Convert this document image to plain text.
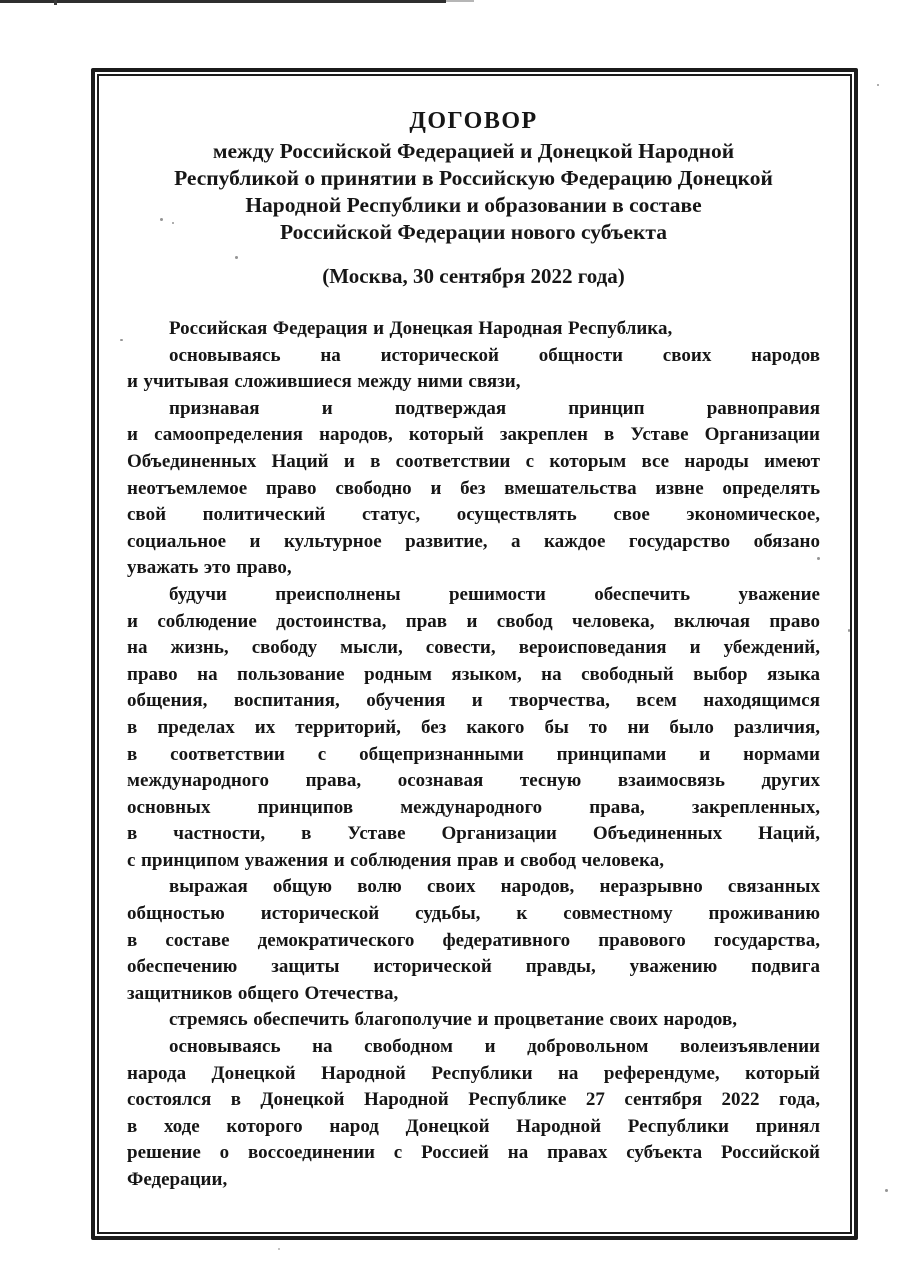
ДОГОВОР
между Российской Федерацией и Донецкой Народной
Республикой о принятии в Российскую Федерацию Донецкой
Народной Республики и образовании в составе
Российской Федерации нового субъекта
(Москва, 30 сентября 2022 года)
Российская Федерация и Донецкая Народная Республика,
основываясь на исторической общности своих народов
и учитывая сложившиеся между ними связи,
признавая и подтверждая принцип равноправия
и самоопределения народов, который закреплен в Уставе Организации
Объединенных Наций и в соответствии с которым все народы имеют
неотъемлемое право свободно и без вмешательства извне определять
свой политический статус, осуществлять свое экономическое,
социальное и культурное развитие, а каждое государство обязано
уважать это право,
будучи преисполнены решимости обеспечить уважение
и соблюдение достоинства, прав и свобод человека, включая право
на жизнь, свободу мысли, совести, вероисповедания и убеждений,
право на пользование родным языком, на свободный выбор языка
общения, воспитания, обучения и творчества, всем находящимся
в пределах их территорий, без какого бы то ни было различия,
в соответствии с общепризнанными принципами и нормами
международного права, осознавая тесную взаимосвязь других
основных принципов международного права, закрепленных,
в частности, в Уставе Организации Объединенных Наций,
с принципом уважения и соблюдения прав и свобод человека,
выражая общую волю своих народов, неразрывно связанных
общностью исторической судьбы, к совместному проживанию
в составе демократического федеративного правового государства,
обеспечению защиты исторической правды, уважению подвига
защитников общего Отечества,
стремясь обеспечить благополучие и процветание своих народов,
основываясь на свободном и добровольном волеизъявлении
народа Донецкой Народной Республики на референдуме, который
состоялся в Донецкой Народной Республике 27 сентября 2022 года,
в ходе которого народ Донецкой Народной Республики принял
решение о воссоединении с Россией на правах субъекта Российской
Федерации,
